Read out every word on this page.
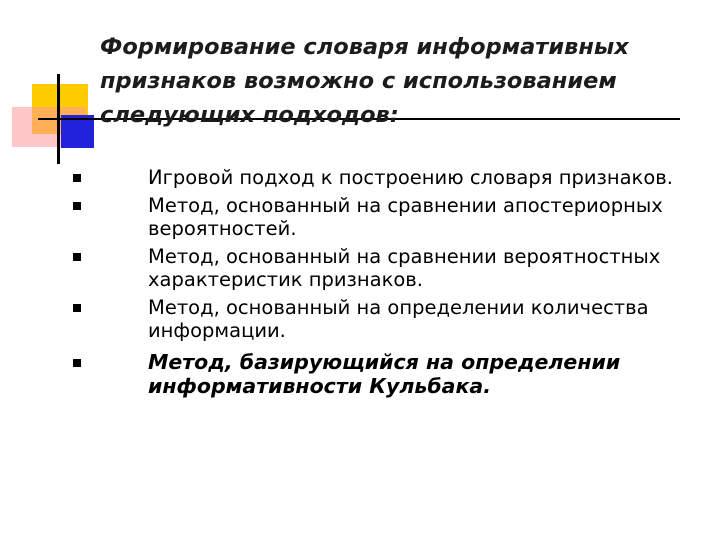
Формирование словаря информативных признаков возможно с использованием следующих подходов:
Игровой подход к построению словаря признаков.
Метод, основанный на сравнении апостериорных вероятностей.
Метод, основанный на сравнении вероятностных характеристик признаков.
Метод, основанный на определении количества информации.
Метод, базирующийся на определении информативности Кульбака.
